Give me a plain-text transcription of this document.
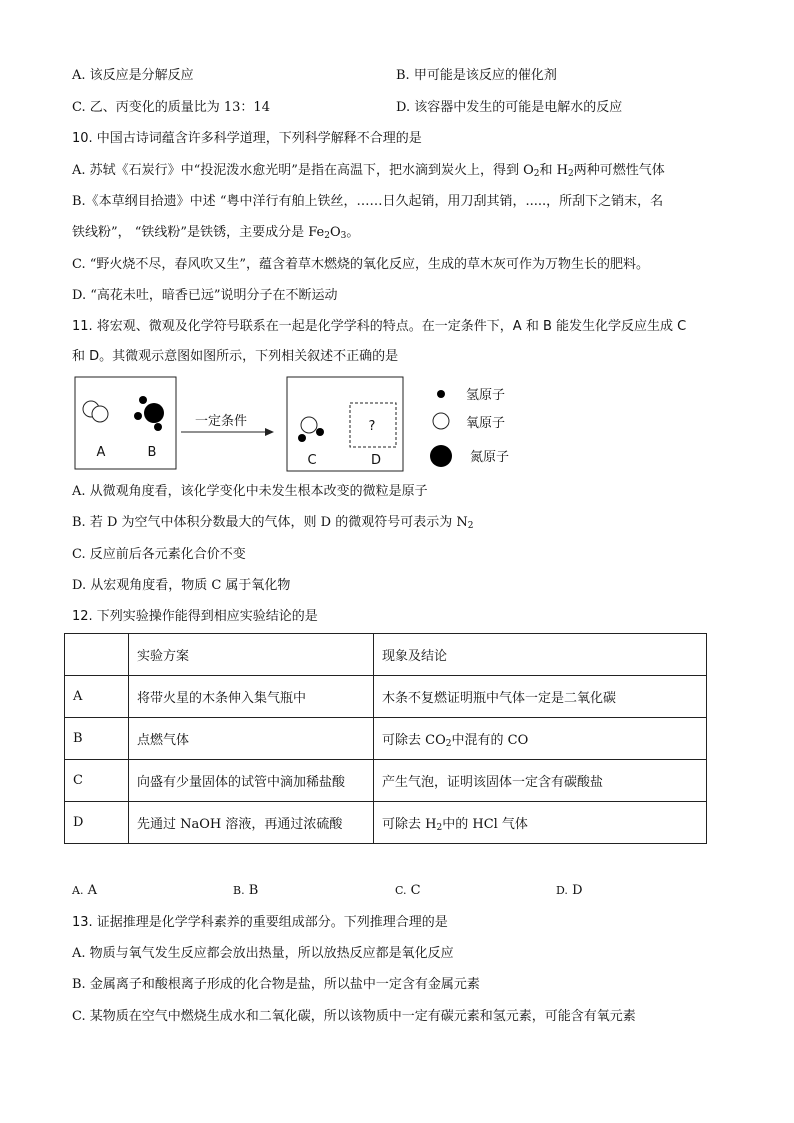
A. 该反应是分解反应	B. 甲可能是该反应的催化剂
C. 乙、丙变化的质量比为 13：14	D. 该容器中发生的可能是电解水的反应
10. 中国古诗词蕴含许多科学道理，下列科学解释不合理的是
A. 苏轼《石炭行》中“投泥泼水愈光明”是指在高温下，把水滴到炭火上，得到 $O_2$和 $H_2$两种可燃性气体
B.《本草纲目拾遗》中述 “粤中洋行有舶上铁丝，……日久起销，用刀刮其销，.....，所刮下之销末，名
铁线粉”， “铁线粉”是铁锈，主要成分是 $Fe_2O_3$。
C. “野火烧不尽，春风吹又生”，蕴含着草木燃烧的氧化反应，生成的草木灰可作为万物生长的肥料。
D. “高花未吐，暗香已远”说明分子在不断运动
11. 将宏观、微观及化学符号联系在一起是化学学科的特点。在一定条件下，A 和 B 能发生化学反应生成 C
和 D。其微观示意图如图所示，下列相关叙述不正确的是
A	B
一定条件	?
C	D
氢原子
氧原子
氮原子
A. 从微观角度看，该化学变化中未发生根本改变的微粒是原子
B. 若 D 为空气中体积分数最大的气体，则 D 的微观符号可表示为 $N_2$
C. 反应前后各元素化合价不变
D. 从宏观角度看，物质 C 属于氧化物
12. 下列实验操作能得到相应实验结论的是
	实验方案	现象及结论
A	将带火星的木条伸入集气瓶中	木条不复燃证明瓶中气体一定是二氧化碳
B	点燃气体	可除去 $CO_2$中混有的 CO
C	向盛有少量固体的试管中滴加稀盐酸	产生气泡，证明该固体一定含有碳酸盐
D	先通过 NaOH 溶液，再通过浓硫酸	可除去 $H_2$中的 HCl 气体
A. A	B. B	C. C	D. D
13. 证据推理是化学学科素养的重要组成部分。下列推理合理的是
A. 物质与氧气发生反应都会放出热量，所以放热反应都是氧化反应
B. 金属离子和酸根离子形成的化合物是盐，所以盐中一定含有金属元素
C. 某物质在空气中燃烧生成水和二氧化碳，所以该物质中一定有碳元素和氢元素，可能含有氧元素
